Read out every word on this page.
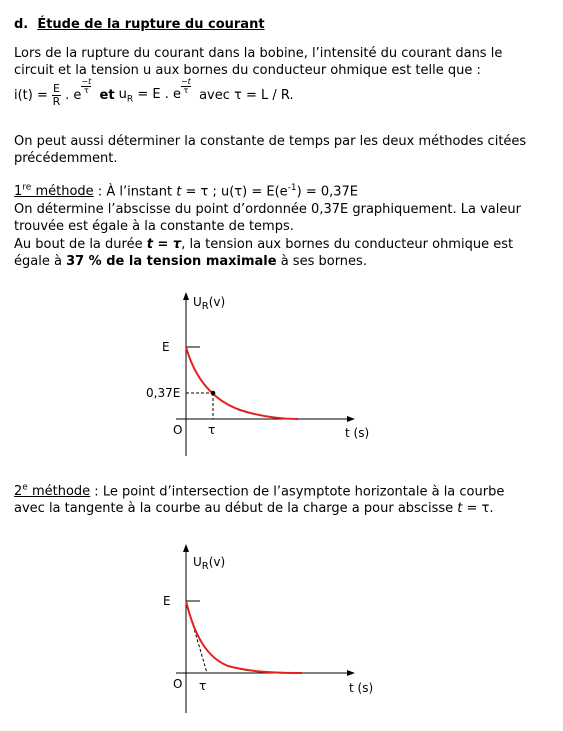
d. Étude de la rupture du courant
Lors de la rupture du courant dans la bobine, l’intensité du courant dans le
circuit et la tension u aux bornes du conducteur ohmique est telle que :
$i(t) = \frac{E}{R}$ . e
$\frac{-t}{\tau}$
et $u_R = E$ . e $\frac{-t}{\tau}$
avec τ = L / R.
On peut aussi déterminer la constante de temps par les deux méthodes citées
précédemment.
1re méthode : À l’instant t = τ ; $u(\tau) = E(e^{-1}) = 0,37E$
On détermine l’abscisse du point d’ordonnée 0,37E graphiquement. La valeur
trouvée est égale à la constante de temps.
Au bout de la durée t = τ, la tension aux bornes du conducteur ohmique est
égale à 37 % de la tension maximale à ses bornes.
$U_R(v)$
E
0,37E
O τ	t (s)
$U_R(v)$
E
O τ	t (s)
2e méthode : Le point d’intersection de l’asymptote horizontale à la courbe
avec la tangente à la courbe au début de la charge a pour abscisse t = τ.
